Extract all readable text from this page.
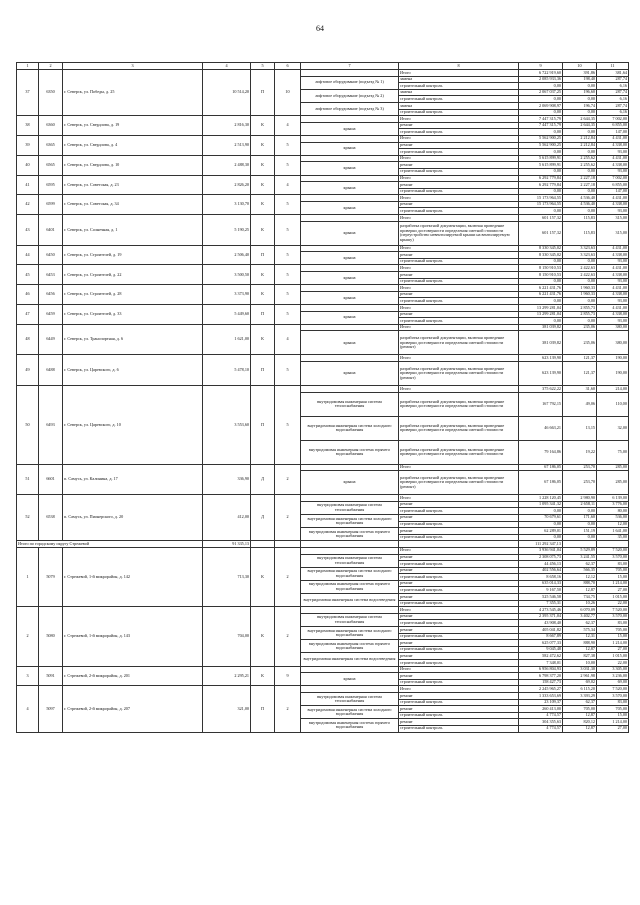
64
1	2	3	4	5	6	7	8	9	10	11
37	6350	г. Северск, ул. Победы, д. 25	10 514,20	П	10		Итого	6 722 919,60	391,86	381,64
						лифтовое оборудование (подъезд № 1)	замена	2 085 933,36	198,40	287,74
							строительный контроль	0,00	0,00	6,16
						лифтовое оборудование (подъезд № 2)	замена	2 067 037,25	196,60	287,74
							строительный контроль	0,00	0,00	6,16
						лифтовое оборудование (подъезд № 3)	замена	2 069 908,97	196,74	287,74
							строительный контроль	0,00	0,00	6,16
38	6360	г. Северск, ул. Свердлова, д. 19	2 816,30	К	4		Итого	7 447 315,79	2 644,35	7 002,00
						крыша	ремонт	7 447 315,79	2 644,35	6 855,00
							строительный контроль	0,00	0,00	147,00
39	6365	г. Северск, ул. Свердлова, д. 4	2 513,90	К	5		Итого	5 562 900,25	2 212,84	4 431,00
						крыша	ремонт	5 562 900,25	2 212,84	4 338,00
							строительный контроль	0,00	0,00	93,00
40	6565	г. Северск, ул. Свердлова, д. 10	2 488,30	К	5		Итого	5 615 899,91	2 255,62	4 431,00
						крыша	ремонт	5 615 899,91	2 255,62	4 338,00
							строительный контроль	0,00	0,00	93,00
41	6595	г. Северск, ул. Советская, д. 23	2 826,20	К	4		Итого	6 292 779,84	2 227,18	7 002,00
						крыша	ремонт	6 292 779,84	2 227,18	6 855,00
							строительный контроль	0,00	0,00	147,00
42	6599	г. Северск, ул. Советская, д. 34	3 130,70	К	5		Итого	15 173 964,55	4 536,40	4 431,00
						крыша	ремонт	15 173 964,55	4 536,40	4 338,00
							строительный контроль	0,00	0,00	93,00
43	6401	г. Северск, ул. Солнечная, д. 1	5 190,25	К	5		Итого	601 157,32	115,83	315,00
						крыша	разработка проектной документации, включая проведение проверки достоверности определения сметной стоимости (переустройство невентилируемой крыши на вентилируемую крышу)	601 157,32	115,83	315,00
44	6450	г. Северск, ул. Строителей, д. 19	2 506,40	П	5		Итого	8 330 345,02	3 323,63	4 431,00
						крыша	ремонт	8 330 345,02	3 323,63	4 338,00
							строительный контроль	0,00	0,00	93,00
45	6453	г. Северск, ул. Строителей, д. 22	3 500,50	К	5		Итого	8 150 910,53	2 422,63	4 431,00
						крыша	ремонт	8 150 910,53	2 422,63	4 338,00
							строительный контроль	0,00	0,00	93,00
46	6456	г. Северск, ул. Строителей, д. 28	3 373,90	К	5		Итого	6 221 431,76	1 960,33	4 431,00
						крыша	ремонт	6 221 431,76	1 960,33	4 338,00
							строительный контроль	0,00	0,00	93,00
47	6459	г. Северск, ул. Строителей, д. 33	5 449,60	П	5		Итого	13 299 281,04	2 855,73	4 431,00
						крыша	ремонт	13 299 281,04	2 855,73	4 338,00
							строительный контроль	0,00	0,00	93,00
48	6449	г. Северск, ул. Транспортная, д. 6	1 621,00	К	4		Итого	381 039,82	235,06	380,00
						крыша	разработка проектной документации, включая проведение проверки достоверности определения сметной стоимости (ремонт)	381 039,82	235,06	380,00
49	6488	г. Северск, ул. Царевского, д. 6	5 478,10	П	5		Итого	623 139,90	121,37	190,00
						крыша	разработка проектной документации, включая проведение проверки достоверности определения сметной стоимости (ремонт)	623 139,90	121,37	190,00
50	6493	г. Северск, ул. Царевского, д. 10	3 553,60	П	5		Итого	375 622,22	31,60	214,00
						внутридомовая инженерная система теплоснабжения	разработка проектной документации, включая проведение проверки достоверности определения сметной стоимости	167 792,15	49,06	110,00
						внутридомовая инженерная система холодного водоснабжения	разработка проектной документации, включая проведение проверки достоверности определения сметной стоимости	46 663,21	13,15	32,00
						внутридомовая инженерная система горячего водоснабжения	разработка проектной документации, включая проведение проверки достоверности определения сметной стоимости	79 164,86	19,22	75,00
51	6601	п. Самусь, ул. Калинина, д. 17	336,90	Д	2		Итого	67 186,05	253,70	285,00
						крыша	разработка проектной документации, включая проведение проверки достоверности определения сметной стоимости (ремонт)	67 186,05	253,70	285,00
52	6538	п. Самусь, ул. Пионерского, д. 20	412,00	Д	2		Итого	1 228 120,45	2 980,90	6 139,00
						внутридомовая инженерная система теплоснабжения	ремонт	1 095 341,32	2 658,11	3 776,00
							строительный контроль	0,00	0,00	80,00
						внутридомовая инженерная система холодного водоснабжения	ремонт	70 679,61	171,60	536,00
							строительный контроль	0,00	0,00	12,00
						внутридомовая инженерная система горячего водоснабжения	ремонт	62 289,01	151,19	1 641,00
							строительный контроль	0,00	0,00	35,00
Итого по городскому округу Стрежевой			91 335,13					111 292 347,13		
1	5079	г. Стрежевой, 1-й микрорайон, д. 142	713,30	К	2		Итого	3 936 941,04	5 529,89	7 520,00
						внутридомовая инженерная система теплоснабжения	ремонт	2 308 075,73	3 241,55	3 570,00
							строительный контроль	44 456,13	62,37	83,00
						внутридомовая инженерная система холодного водоснабжения	ремонт	402 556,64	566,35	705,00
							строительный контроль	8 658,16	12,12	15,00
						внутридомовая инженерная система горячего водоснабжения	ремонт	635 014,33	888,70	1 214,00
							строительный контроль	9 167,50	12,87	27,00
						внутридомовая инженерная система водоотведения	ремонт	525 546,58	734,75	1 015,00
							строительный контроль	7 355,31	10,26	22,00
2	5080	г. Стрежевой, 1-й микрорайон, д. 143	704,00	К	2		Итого	4 273 545,46	6 070,09	7 520,00
						внутридомовая инженерная система теплоснабжения	ремонт	2 395 371,04	3 402,77	3 570,00
							строительный контроль	43 908,40	62,37	83,00
						внутридомовая инженерная система холодного водоснабжения	ремонт	405 041,82	575,34	705,00
							строительный контроль	8 667,89	12,31	15,00
						внутридомовая инженерная система горячего водоснабжения	ремонт	625 077,33	888,90	1 214,00
							строительный контроль	9 045,48	12,87	27,00
						внутридомовая инженерная система водоотведения	ремонт	582 472,62	827,38	1 015,00
							строительный контроль	7 348,01	10,00	22,00
3	5091	г. Стрежевой, 2-й микрорайон, д. 201	2 295,21	К	9		Итого	6 956 804,93	3 031,30	3 305,00
						крыша	ремонт	6 798 377,20	2 961,98	3 236,00
							строительный контроль	158 427,73	69,02	69,00
4	5097	г. Стрежевой, 2-й микрорайон, д. 207	321,00	П	2		Итого	2 245 965,27	6 115,20	7 520,00
						внутридомовая инженерная система теплоснабжения	ремонт	1 333 653,69	3 393,29	3 570,00
							строительный контроль	23 109,37	62,37	83,00
						внутридомовая инженерная система холодного водоснабжения	ремонт	260 413,00	705,00	705,00
							строительный контроль	4 774,57	12,87	15,00
						внутридомовая инженерная система горячего водоснабжения	ремонт	304 355,63	820,12	1 214,00
							строительный контроль	4 774,57	12,87	27,00
